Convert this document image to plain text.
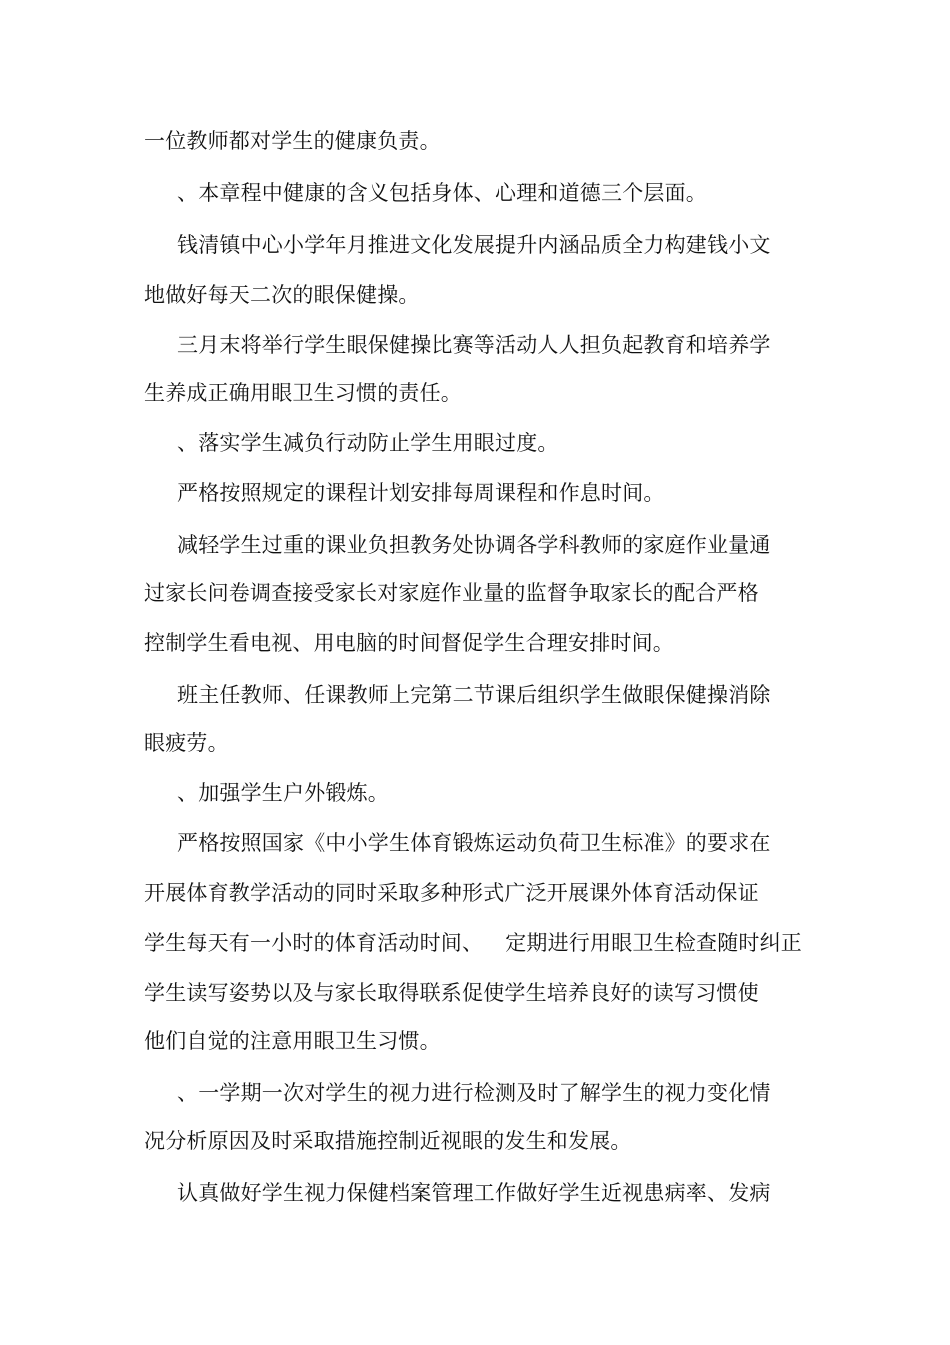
一位教师都对学生的健康负责。
、本章程中健康的含义包括身体、心理和道德三个层面。
钱清镇中心小学年月推进文化发展提升内涵品质全力构建钱小文
地做好每天二次的眼保健操。
三月末将举行学生眼保健操比赛等活动人人担负起教育和培养学
生养成正确用眼卫生习惯的责任。
、落实学生减负行动防止学生用眼过度。
严格按照规定的课程计划安排每周课程和作息时间。
减轻学生过重的课业负担教务处协调各学科教师的家庭作业量通
过家长问卷调查接受家长对家庭作业量的监督争取家长的配合严格
控制学生看电视、用电脑的时间督促学生合理安排时间。
班主任教师、任课教师上完第二节课后组织学生做眼保健操消除
眼疲劳。
、加强学生户外锻炼。
严格按照国家《中小学生体育锻炼运动负荷卫生标准》的要求在
开展体育教学活动的同时采取多种形式广泛开展课外体育活动保证
学生每天有一小时的体育活动时间、 定期进行用眼卫生检查随时纠正
学生读写姿势以及与家长取得联系促使学生培养良好的读写习惯使
他们自觉的注意用眼卫生习惯。
、一学期一次对学生的视力进行检测及时了解学生的视力变化情
况分析原因及时采取措施控制近视眼的发生和发展。
认真做好学生视力保健档案管理工作做好学生近视患病率、发病
